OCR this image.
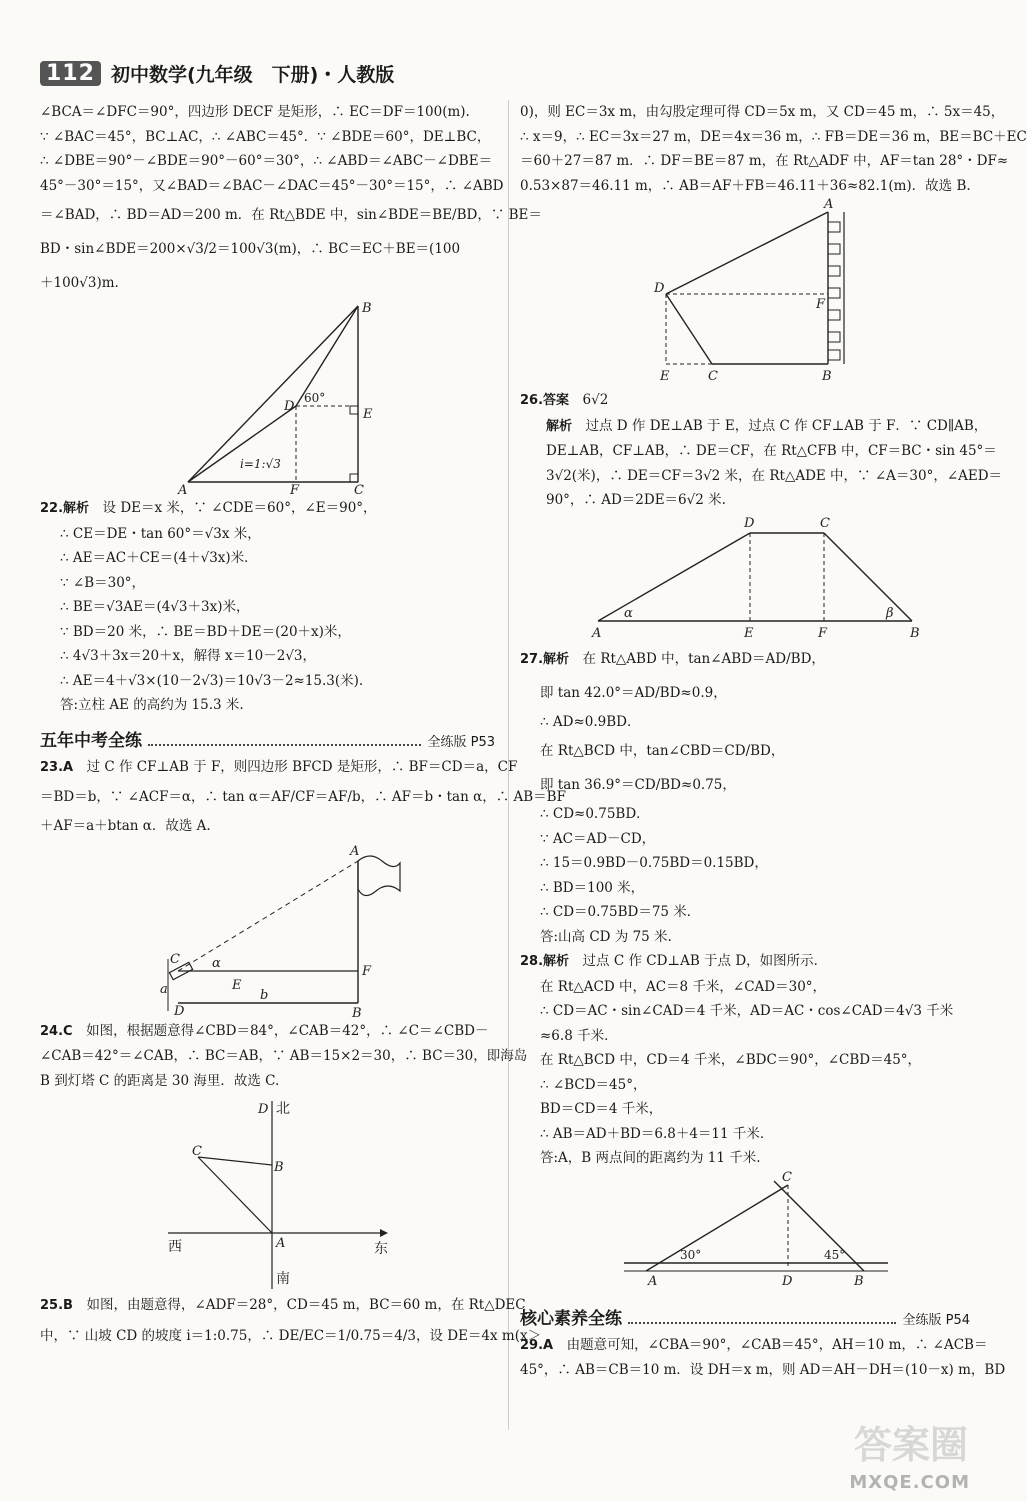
112 初中数学(九年级　下册)・人教版
∠BCA＝∠DFC＝90°，四边形 DECF 是矩形，∴ EC＝DF＝100(m).
∵ ∠BAC＝45°，BC⊥AC，∴ ∠ABC＝45°．∵ ∠BDE＝60°，DE⊥BC，
∴ ∠DBE＝90°－∠BDE＝90°－60°＝30°，∴ ∠ABD＝∠ABC－∠DBE＝
45°－30°＝15°，又∠BAD＝∠BAC－∠DAC＝45°－30°＝15°，∴ ∠ABD
＝∠BAD，∴ BD＝AD＝200 m．在 Rt△BDE 中，sin∠BDE＝BE/BD，∵ BE＝
BD・sin∠BDE＝200×√3/2＝100√3(m)，∴ BC＝EC＋BE＝(100
＋100√3)m.
B
D
60°
E
i=1:√3
A	F	C
22.解析　 设 DE＝x 米，∵ ∠CDE＝60°，∠E＝90°，
∴ CE＝DE・tan 60°＝√3x 米，
∴ AE＝AC＋CE＝(4＋√3x)米．
∵ ∠B＝30°，
∴ BE＝√3AE＝(4√3＋3x)米，
∵ BD＝20 米，∴ BE＝BD＋DE＝(20＋x)米，
∴ 4√3＋3x＝20＋x，解得 x＝10－2√3，
∴ AE＝4＋√3×(10－2√3)＝10√3－2≈15.3(米).
答:立柱 AE 的高约为 15.3 米.
五年中考全练	全练版 P53
23.A　 过 C 作 CF⊥AB 于 F，则四边形 BFCD 是矩形，∴ BF＝CD＝a，CF
＝BD＝b，∵ ∠ACF＝α，∴ tan α＝AF/CF＝AF/b，∴ AF＝b・tan α，∴ AB＝BF
＋AF＝a＋btan α．故选 A.
A
C α
E
F
a	b
D	B
24.C　 如图，根据题意得∠CBD＝84°，∠CAB＝42°，∴ ∠C＝∠CBD－
∠CAB＝42°＝∠CAB，∴ BC＝AB，∵ AB＝15×2＝30，∴ BC＝30，即海岛
B 到灯塔 C 的距离是 30 海里．故选 C.
D 北
C
B
A
西	东
南
25.B　 如图，由题意得，∠ADF＝28°，CD＝45 m，BC＝60 m，在 Rt△DEC
中，∵ 山坡 CD 的坡度 i＝1:0.75，∴ DE/EC＝1/0.75＝4/3，设 DE＝4x m(x＞
0)，则 EC＝3x m，由勾股定理可得 CD＝5x m，又 CD＝45 m，∴ 5x＝45，
∴ x＝9，∴ EC＝3x＝27 m，DE＝4x＝36 m，∴ FB＝DE＝36 m，BE＝BC＋EC
＝60＋27＝87 m．∴ DF＝BE＝87 m，在 Rt△ADF 中，AF＝tan 28°・DF≈
0.53×87＝46.11 m，∴ AB＝AF＋FB＝46.11＋36≈82.1(m)．故选 B.
A
D
F
E	C	B
26.答案　 6√2
解析　 过点 D 作 DE⊥AB 于 E，过点 C 作 CF⊥AB 于 F．∵ CD∥AB，
DE⊥AB，CF⊥AB，∴ DE＝CF，在 Rt△CFB 中，CF＝BC・sin 45°＝
3√2(米)，∴ DE＝CF＝3√2 米，在 Rt△ADE 中，∵ ∠A＝30°，∠AED＝
90°，∴ AD＝2DE＝6√2 米.
D	C
α	β
A	E	F	B
27.解析　 在 Rt△ABD 中，tan∠ABD＝AD/BD，
即 tan 42.0°＝AD/BD≈0.9，
∴ AD≈0.9BD．
在 Rt△BCD 中，tan∠CBD＝CD/BD，
即 tan 36.9°＝CD/BD≈0.75，
∴ CD≈0.75BD．
∵ AC＝AD－CD，
∴ 15＝0.9BD－0.75BD＝0.15BD，
∴ BD＝100 米，
∴ CD＝0.75BD＝75 米．
答:山高 CD 为 75 米.
28.解析　 过点 C 作 CD⊥AB 于点 D，如图所示．
在 Rt△ACD 中，AC＝8 千米，∠CAD＝30°，
∴ CD＝AC・sin∠CAD＝4 千米，AD＝AC・cos∠CAD＝4√3 千米
≈6.8 千米．
在 Rt△BCD 中，CD＝4 千米，∠BDC＝90°，∠CBD＝45°，
∴ ∠BCD＝45°，
BD＝CD＝4 千米，
∴ AB＝AD＋BD＝6.8＋4＝11 千米．
答:A，B 两点间的距离约为 11 千米.
C
30°	45°
A	D	B
核心素养全练	全练版 P54
29.A　 由题意可知，∠CBA＝90°，∠CAB＝45°，AH＝10 m，∴ ∠ACB＝
45°，∴ AB＝CB＝10 m．设 DH＝x m，则 AD＝AH－DH＝(10－x) m，BD
答案圈
MXQE.COM
